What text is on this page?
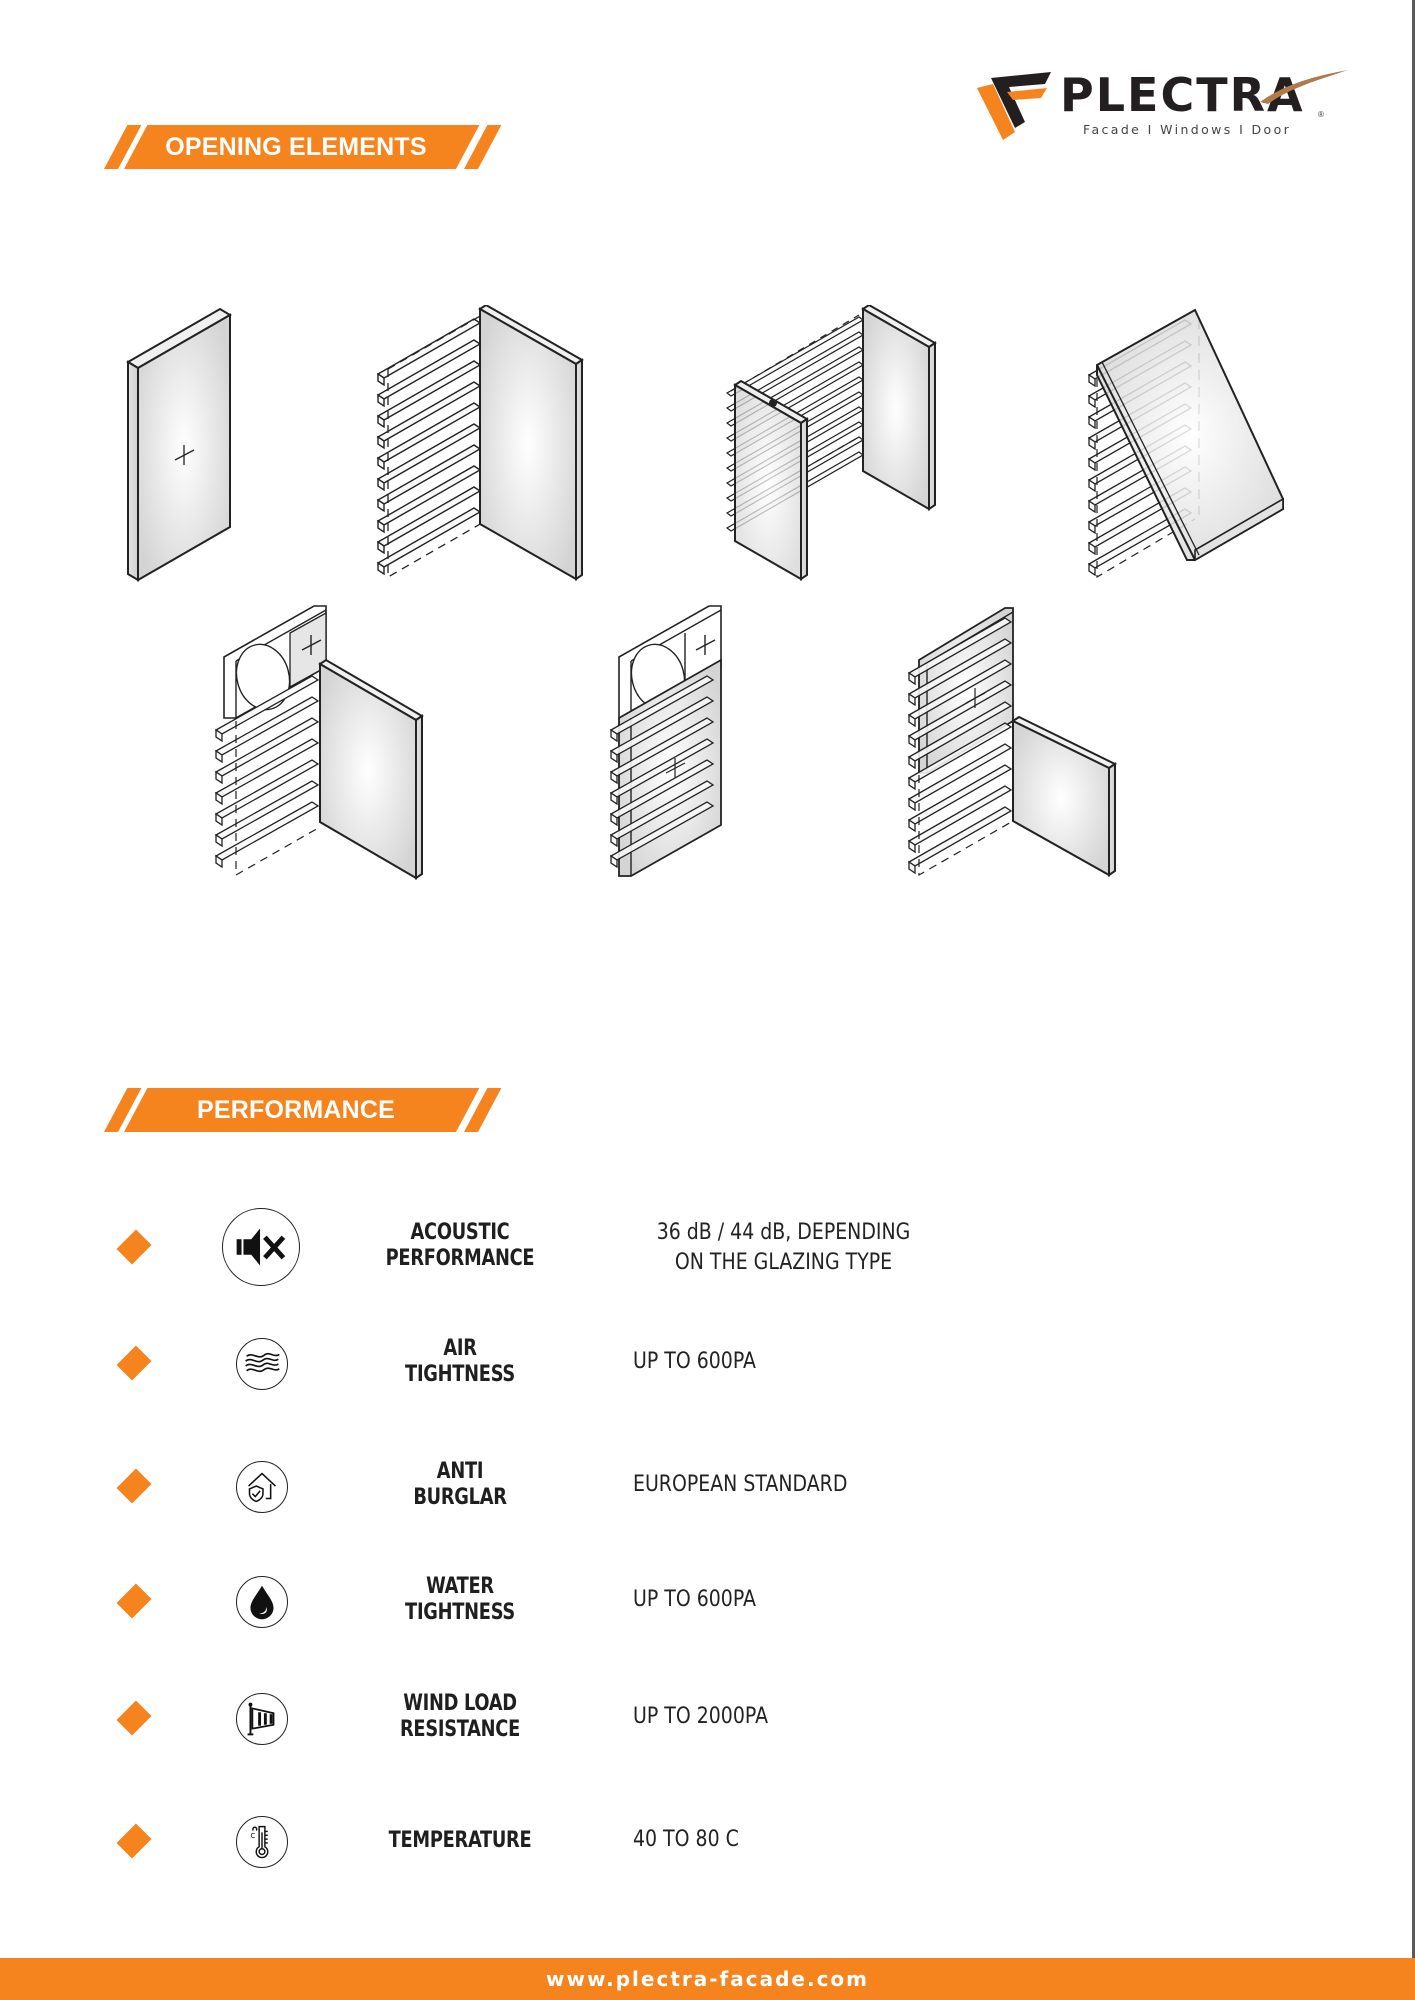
PLECTRA ®
Facade I Windows I Door
OPENING ELEMENTS
PERFORMANCE
ACOUSTIC
PERFORMANCE
36 dB / 44 dB, DEPENDING
ON THE GLAZING TYPE
AIR
TIGHTNESS
UP TO 600PA
ANTI
BURGLAR
EUROPEAN STANDARD
WATER
TIGHTNESS
UP TO 600PA
WIND LOAD
RESISTANCE
UP TO 2000PA
C	TEMPERATURE	40 TO 80 C
www.plectra-facade.com
